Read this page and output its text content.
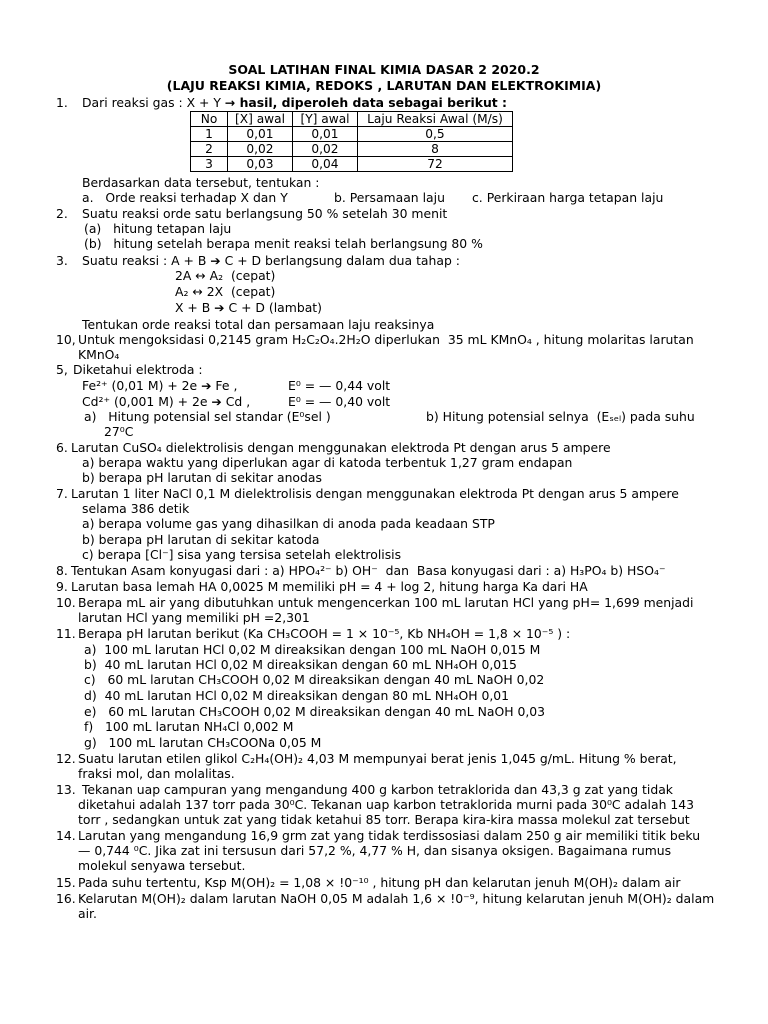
SOAL LATIHAN FINAL KIMIA DASAR 2 2020.2
(LAJU REAKSI KIMIA, REDOKS , LARUTAN DAN ELEKTROKIMIA)
1. Dari reaksi gas : X + Y → hasil, diperoleh data sebagai berikut :
No	[X] awal	[Y] awal	Laju Reaksi Awal (M/s)
1	0,01	0,01	0,5
2	0,02	0,02	8
3	0,03	0,04	72
Berdasarkan data tersebut, tentukan :
a.   Orde reaksi terhadap X dan Y	b. Persamaan laju c. Perkiraan harga tetapan laju
2. Suatu reaksi orde satu berlangsung 50 % setelah 30 menit
(a)   hitung tetapan laju
(b)   hitung setelah berapa menit reaksi telah berlangsung 80 %
3. Suatu reaksi : A + B ➔ C + D berlangsung dalam dua tahap :
2A ↔ A₂  (cepat)
A₂ ↔ 2X  (cepat)
X + B ➔ C + D (lambat)
Tentukan orde reaksi total dan persamaan laju reaksinya
10, Untuk mengoksidasi 0,2145 gram H₂C₂O₄.2H₂O diperlukan  35 mL KMnO₄ , hitung molaritas larutan
KMnO₄
5, Diketahui elektroda :
Fe²⁺ (0,01 M) + 2e ➔ Fe ,	E⁰ = — 0,44 volt
Cd²⁺ (0,001 M) + 2e ➔ Cd ,	E⁰ = — 0,40 volt
a)   Hitung potensial sel standar (E⁰sel )	b) Hitung potensial selnya  (Eₛₑₗ) pada suhu
27⁰C
6. Larutan CuSO₄ dielektrolisis dengan menggunakan elektroda Pt dengan arus 5 ampere
a) berapa waktu yang diperlukan agar di katoda terbentuk 1,27 gram endapan
b) berapa pH larutan di sekitar anodas
7. Larutan 1 liter NaCl 0,1 M dielektrolisis dengan menggunakan elektroda Pt dengan arus 5 ampere
selama 386 detik
a) berapa volume gas yang dihasilkan di anoda pada keadaan STP
b) berapa pH larutan di sekitar katoda
c) berapa [Cl⁻] sisa yang tersisa setelah elektrolisis
8. Tentukan Asam konyugasi dari : a) HPO₄²⁻ b) OH⁻  dan  Basa konyugasi dari : a) H₃PO₄ b) HSO₄⁻
9. Larutan basa lemah HA 0,0025 M memiliki pH = 4 + log 2, hitung harga Ka dari HA
10. Berapa mL air yang dibutuhkan untuk mengencerkan 100 mL larutan HCl yang pH= 1,699 menjadi
larutan HCl yang memiliki pH =2,301
11. Berapa pH larutan berikut (Ka CH₃COOH = 1 × 10⁻⁵, Kb NH₄OH = 1,8 × 10⁻⁵ ) :
a)  100 mL larutan HCl 0,02 M direaksikan dengan 100 mL NaOH 0,015 M
b)  40 mL larutan HCl 0,02 M direaksikan dengan 60 mL NH₄OH 0,015
c)   60 mL larutan CH₃COOH 0,02 M direaksikan dengan 40 mL NaOH 0,02
d)  40 mL larutan HCl 0,02 M direaksikan dengan 80 mL NH₄OH 0,01
e)   60 mL larutan CH₃COOH 0,02 M direaksikan dengan 40 mL NaOH 0,03
f)   100 mL larutan NH₄Cl 0,002 M
g)   100 mL larutan CH₃COONa 0,05 M
12. Suatu larutan etilen glikol C₂H₄(OH)₂ 4,03 M mempunyai berat jenis 1,045 g/mL. Hitung % berat,
fraksi mol, dan molalitas.
13. Tekanan uap campuran yang mengandung 400 g karbon tetraklorida dan 43,3 g zat yang tidak
diketahui adalah 137 torr pada 30⁰C. Tekanan uap karbon tetraklorida murni pada 30⁰C adalah 143
torr , sedangkan untuk zat yang tidak ketahui 85 torr. Berapa kira-kira massa molekul zat tersebut
14. Larutan yang mengandung 16,9 grm zat yang tidak terdissosiasi dalam 250 g air memiliki titik beku
— 0,744 ⁰C. Jika zat ini tersusun dari 57,2 %, 4,77 % H, dan sisanya oksigen. Bagaimana rumus
molekul senyawa tersebut.
15. Pada suhu tertentu, Ksp M(OH)₂ = 1,08 × !0⁻¹⁰ , hitung pH dan kelarutan jenuh M(OH)₂ dalam air
16. Kelarutan M(OH)₂ dalam larutan NaOH 0,05 M adalah 1,6 × !0⁻⁹, hitung kelarutan jenuh M(OH)₂ dalam
air.
